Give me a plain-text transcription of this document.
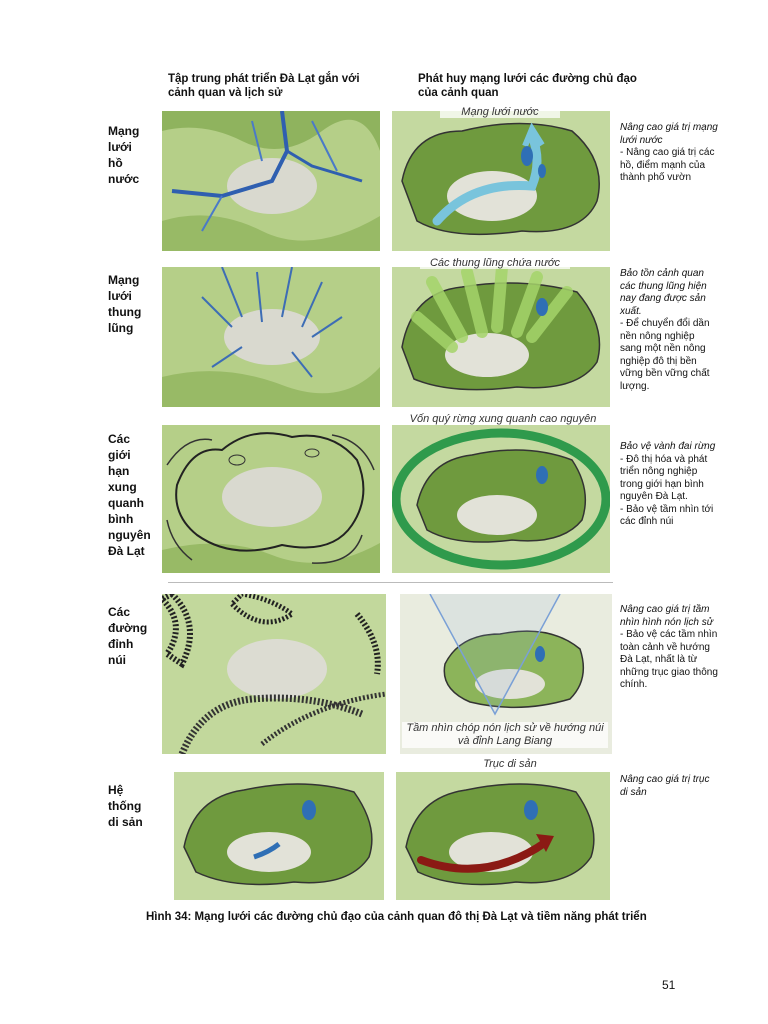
Tập trung phát triển Đà Lạt gắn với
cảnh quan và lịch sử
Phát huy mạng lưới các đường chủ đạo
của cảnh quan
Mạng
lưới
hồ
nước
Mạng
lưới
thung
lũng
Các
giới
hạn
xung
quanh
bình
nguyên
Đà Lạt
Các
đường
đỉnh
núi
Hệ
thống
di sản
Mạng lưới nước
Nâng cao giá trị mạng lưới nước
- Nâng cao giá trị các hồ, điểm mạnh của thành phố vườn
Các thung lũng chứa nước
Bảo tồn cảnh quan các thung lũng hiện nay đang được sản xuất.
- Để chuyển đổi dần nền nông nghiệp sang một nền nông nghiệp đô thị bền vững bền vững chất lượng.
Vốn quý rừng xung quanh cao nguyên
Bảo vệ vành đai rừng
- Đô thị hóa và phát triển nông nghiệp trong giới hạn bình nguyên Đà Lạt.
- Bảo vệ tầm nhìn tới các đỉnh núi
Tầm nhìn chóp nón lịch sử về hướng núi và đỉnh Lang Biang
Nâng cao giá trị tầm nhìn hình nón lịch sử
- Bảo vệ các tầm nhìn toàn cảnh về hướng Đà Lạt, nhất là từ những trục giao thông chính.
Trục di sản
Nâng cao giá trị trục di sản
Hình 34: Mạng lưới các đường chủ đạo của cảnh quan đô thị Đà Lạt và tiềm năng phát triển
51
